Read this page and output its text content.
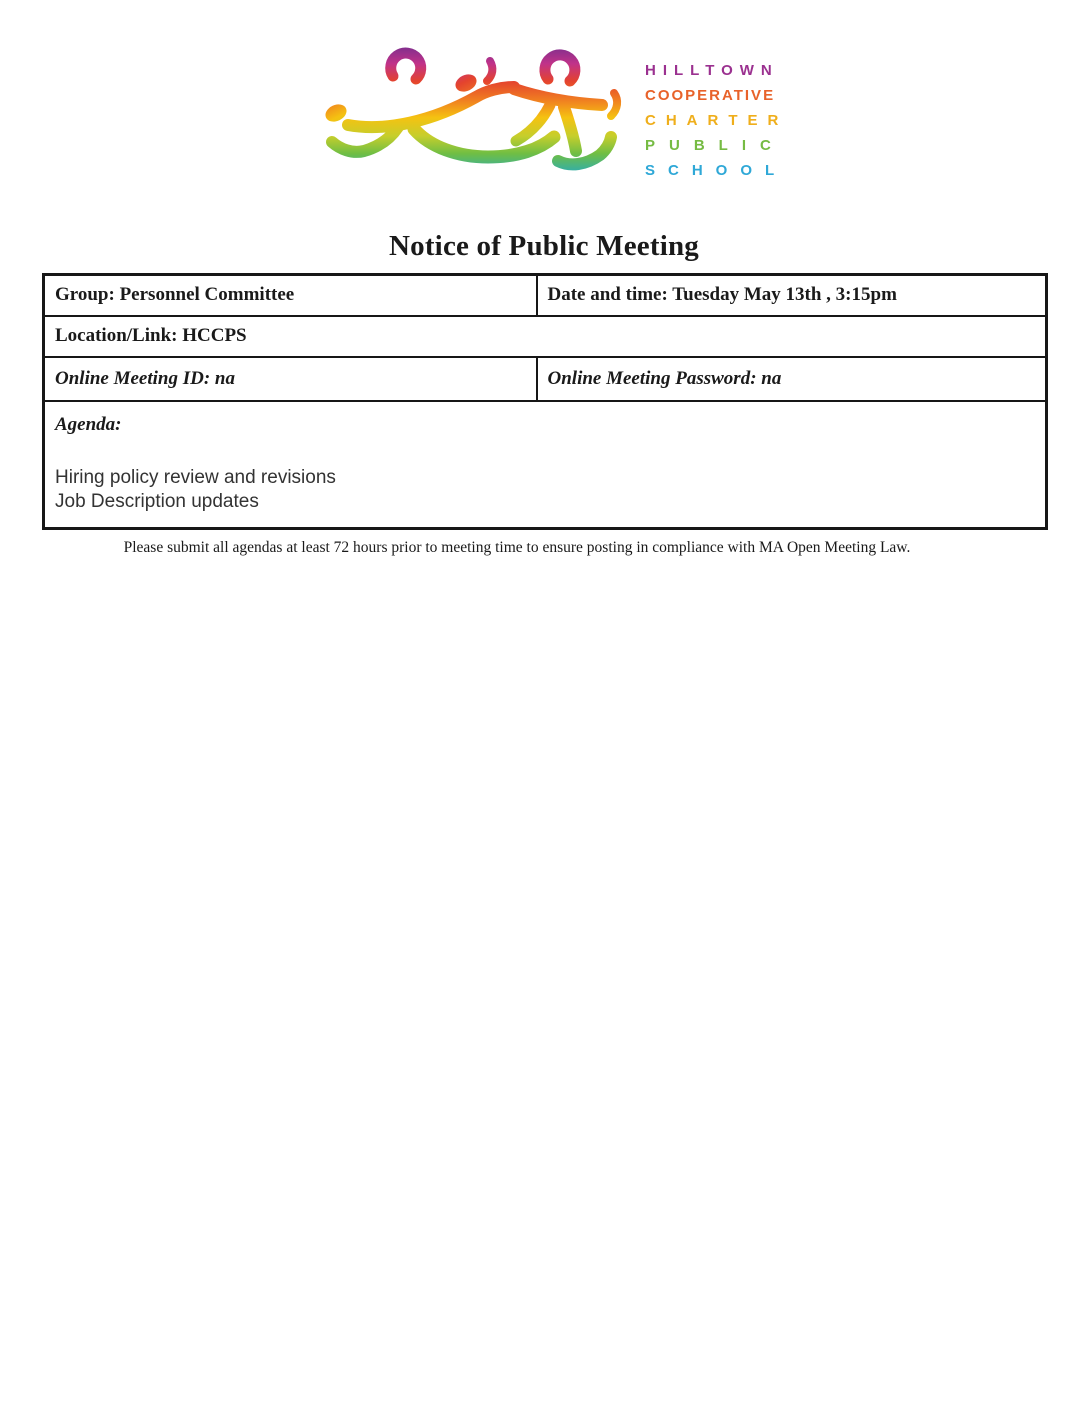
HILLTOWN
COOPERATIVE
CHARTER
PUBLIC
SCHOOL
Notice of Public Meeting
Group: Personnel Committee	Date and time: Tuesday May 13th , 3:15pm
Location/Link: HCCPS	
Online Meeting ID: na	Online Meeting Password: na

Agenda:
Hiring policy review and revisions
Job Description updates	
Please submit all agendas at least 72 hours prior to meeting time to ensure posting in compliance with MA Open Meeting Law.
